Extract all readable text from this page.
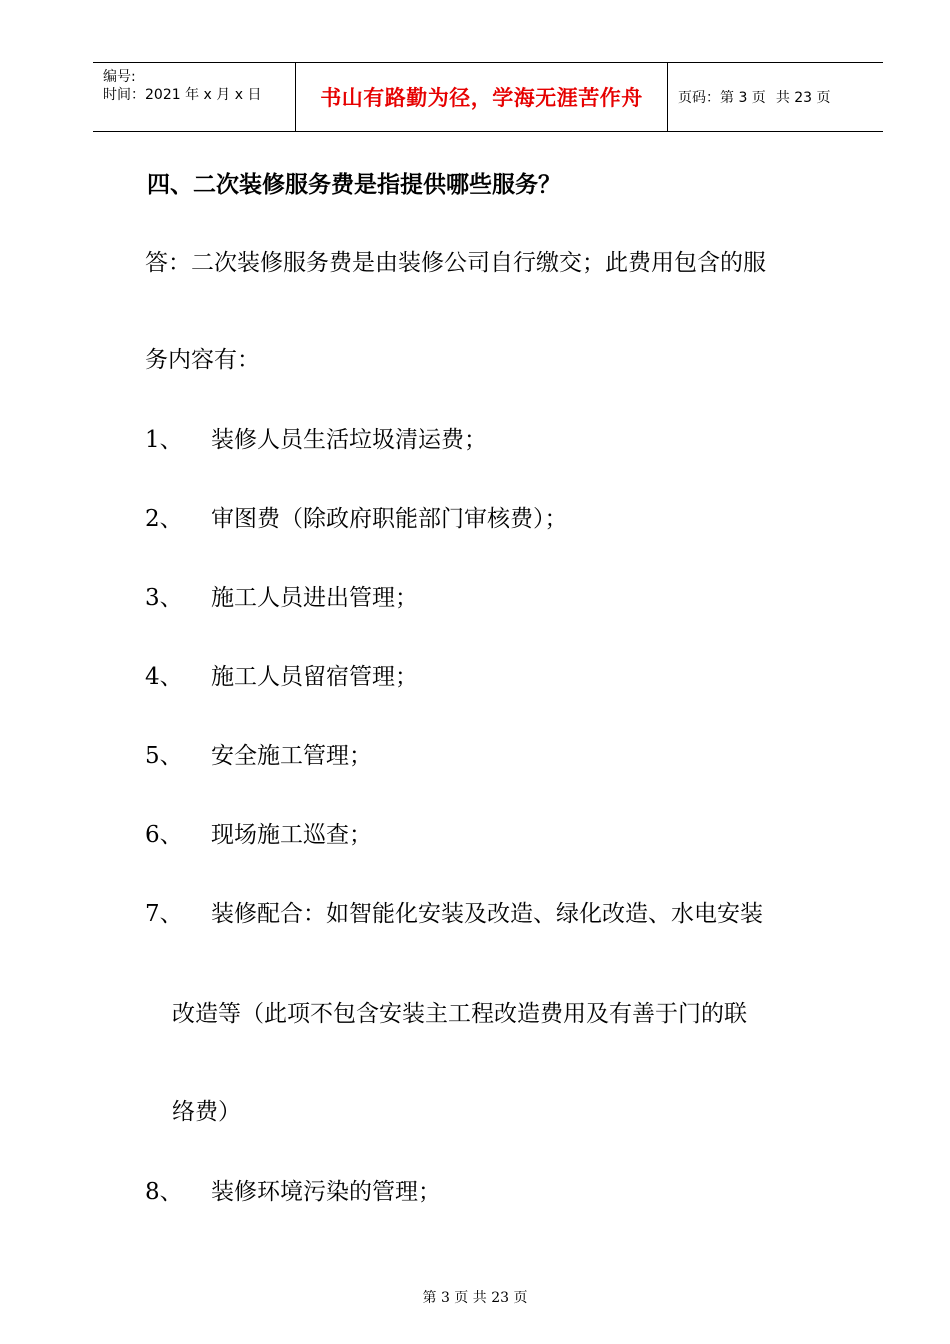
编号:
时间：2021 年 x 月 x 日	书山有路勤为径，学海无涯苦作舟	页码：第 3 页 共 23 页
四、二次装修服务费是指提供哪些服务？
答：二次装修服务费是由装修公司自行缴交；此费用包含的服
务内容有：
1、 装修人员生活垃圾清运费；
2、 审图费（除政府职能部门审核费）；
3、 施工人员进出管理；
4、 施工人员留宿管理；
5、 安全施工管理；
6、 现场施工巡查；
7、 装修配合：如智能化安装及改造、绿化改造、水电安装
改造等（此项不包含安装主工程改造费用及有善于门的联
络费）
8、 装修环境污染的管理；
第 3 页 共 23 页
